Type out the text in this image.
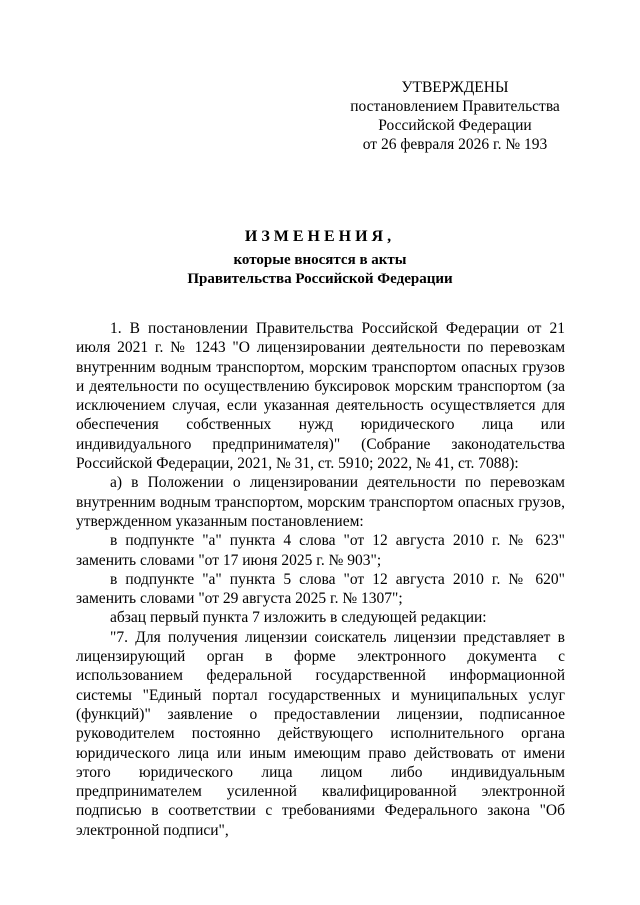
УТВЕРЖДЕНЫ
постановлением Правительства
Российской Федерации
от 26 февраля 2026 г. № 193
ИЗМЕНЕНИЯ,
которые вносятся в акты
Правительства Российской Федерации

1. В постановлении Правительства Российской Федерации от 21 июля 2021 г. № 1243 "О лицензировании деятельности по перевозкам внутренним водным транспортом, морским транспортом опасных грузов и деятельности по осуществлению буксировок морским транспортом (за исключением случая, если указанная деятельность осуществляется для обеспечения собственных нужд юридического лица или индивидуального предпринимателя)" (Собрание законодательства Российской Федерации, 2021, № 31, ст. 5910; 2022, № 41, ст. 7088):

а) в Положении о лицензировании деятельности по перевозкам внутренним водным транспортом, морским транспортом опасных грузов, утвержденном указанным постановлением:

в подпункте "а" пункта 4 слова "от 12 августа 2010 г. № 623" заменить словами "от 17 июня 2025 г. № 903";

в подпункте "а" пункта 5 слова "от 12 августа 2010 г. № 620" заменить словами "от 29 августа 2025 г. № 1307";

абзац первый пункта 7 изложить в следующей редакции:

"7. Для получения лицензии соискатель лицензии представляет в лицензирующий орган в форме электронного документа с использованием федеральной государственной информационной системы "Единый портал государственных и муниципальных услуг (функций)" заявление о предоставлении лицензии, подписанное руководителем постоянно действующего исполнительного органа юридического лица или иным имеющим право действовать от имени этого юридического лица лицом либо индивидуальным предпринимателем усиленной квалифицированной электронной подписью в соответствии с требованиями Федерального закона "Об электронной подписи",
